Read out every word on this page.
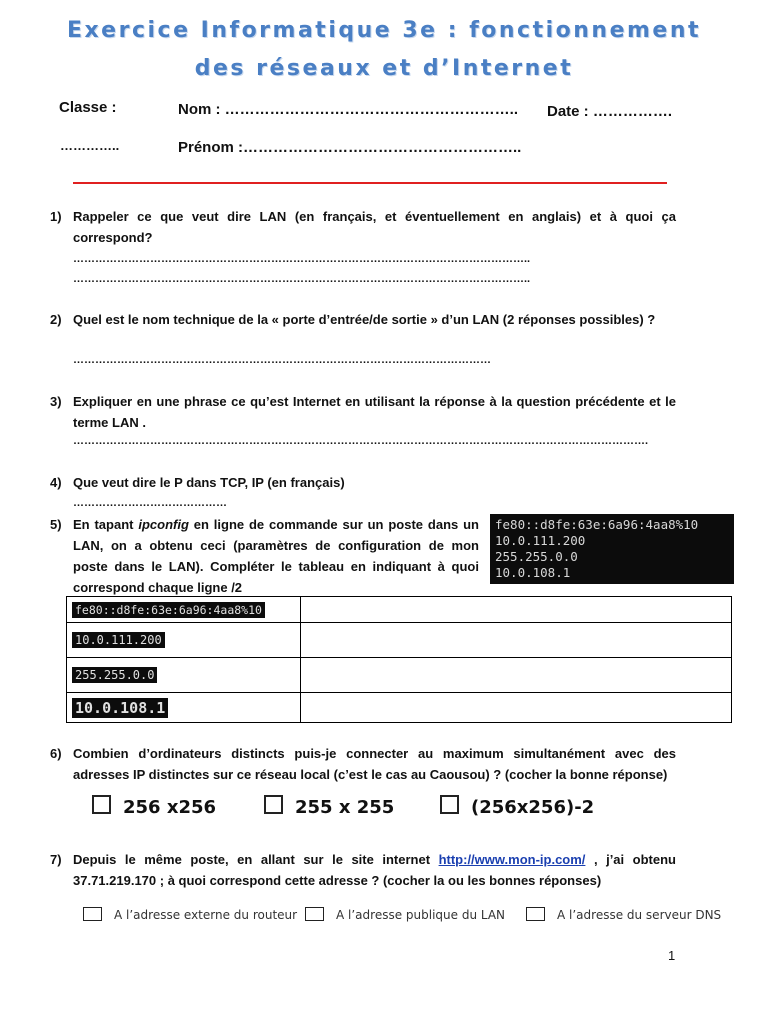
Exercice Informatique 3e : fonctionnement
des réseaux et d’Internet
Classe :
…………..
Nom : …………………………………………………..
Prénom :………………………………………………..
Date : …………….
1) Rappeler ce que veut dire LAN (en français, et éventuellement en anglais) et à quoi ça correspond?
……………………………………………………………………………………………………………..
……………………………………………………………………………………………………………..
2) Quel est le nom technique de la « porte d’entrée/de sortie » d’un LAN (2 réponses possibles) ?
……………………………………………………………………………………………………
3) Expliquer en une phrase ce qu’est Internet en utilisant la réponse à la question précédente et le terme LAN .
………………………………………………………………………………………………………………………………………….
4) Que veut dire le P dans TCP, IP (en français)
……………………………………
5) En tapant ipconfig en ligne de commande sur un poste dans un LAN, on a obtenu ceci (paramètres de configuration de mon poste dans le LAN). Compléter le tableau en indiquant à quoi correspond chaque ligne /2
fe80::d8fe:63e:6a96:4aa8%10
10.0.111.200
255.255.0.0
10.0.108.1
fe80::d8fe:63e:6a96:4aa8%10	
10.0.111.200	
255.255.0.0	
10.0.108.1	
6) Combien d’ordinateurs distincts puis-je connecter au maximum simultanément avec des adresses IP distinctes sur ce réseau local (c’est le cas au Caousou) ? (cocher la bonne réponse)
256 x256	255 x 255	(256x256)-2
7) Depuis le même poste, en allant sur le site internet http://www.mon-ip.com/ , j’ai obtenu 37.71.219.170 ; à quoi correspond cette adresse ? (cocher la ou les bonnes réponses)
A l’adresse externe du routeur	A l’adresse publique du LAN	A l’adresse du serveur DNS
1
